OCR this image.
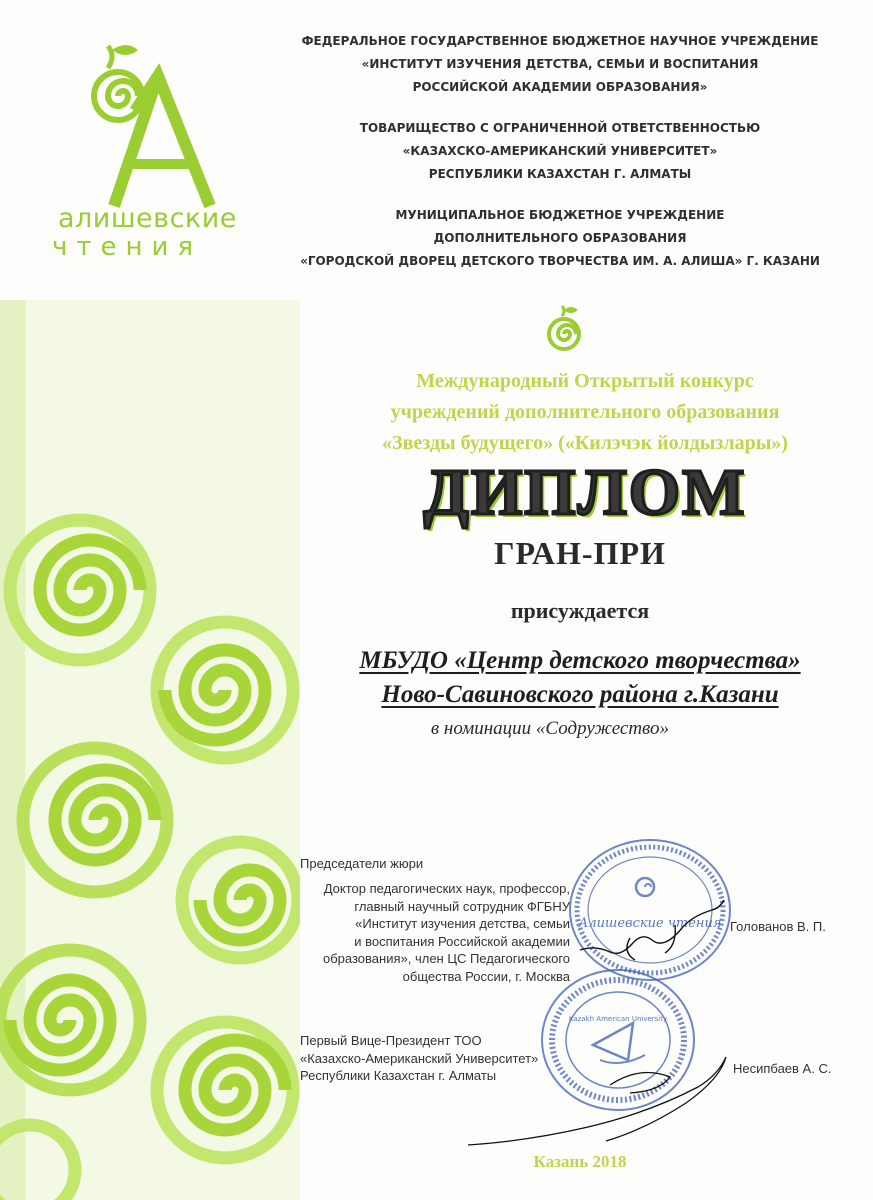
алишевские
чтения
ФЕДЕРАЛЬНОЕ ГОСУДАРСТВЕННОЕ БЮДЖЕТНОЕ НАУЧНОЕ УЧРЕЖДЕНИЕ
«ИНСТИТУТ ИЗУЧЕНИЯ ДЕТСТВА, СЕМЬИ И ВОСПИТАНИЯ
РОССИЙСКОЙ АКАДЕМИИ ОБРАЗОВАНИЯ»
ТОВАРИЩЕСТВО С ОГРАНИЧЕННОЙ ОТВЕТСТВЕННОСТЬЮ
«КАЗАХСКО-АМЕРИКАНСКИЙ УНИВЕРСИТЕТ»
РЕСПУБЛИКИ КАЗАХСТАН Г. АЛМАТЫ
МУНИЦИПАЛЬНОЕ БЮДЖЕТНОЕ УЧРЕЖДЕНИЕ
ДОПОЛНИТЕЛЬНОГО ОБРАЗОВАНИЯ
«ГОРОДСКОЙ ДВОРЕЦ ДЕТСКОГО ТВОРЧЕСТВА ИМ. А. АЛИША» Г. КАЗАНИ
Международный Открытый конкурс
учреждений дополнительного образования
«Звезды будущего» («Килэчэк йолдызлары»)
ДИПЛОМ
ГРАН-ПРИ
присуждается
МБУДО «Центр детского творчества»
Ново-Савиновского района г.Казани
в номинации «Содружество»
Председатели жюри
Доктор педагогических наук, профессор,
главный научный сотрудник ФГБНУ
«Институт изучения детства, семьи
и воспитания Российской академии
образования», член ЦС Педагогического
общества России, г. Москва
Первый Вице-Президент ТОО
«Казахско-Американский Университет»
Республики Казахстан г. Алматы
Алишевские чтения Голованов В. П.
Kazakh American University
Несипбаев А. С.
Казань 2018
